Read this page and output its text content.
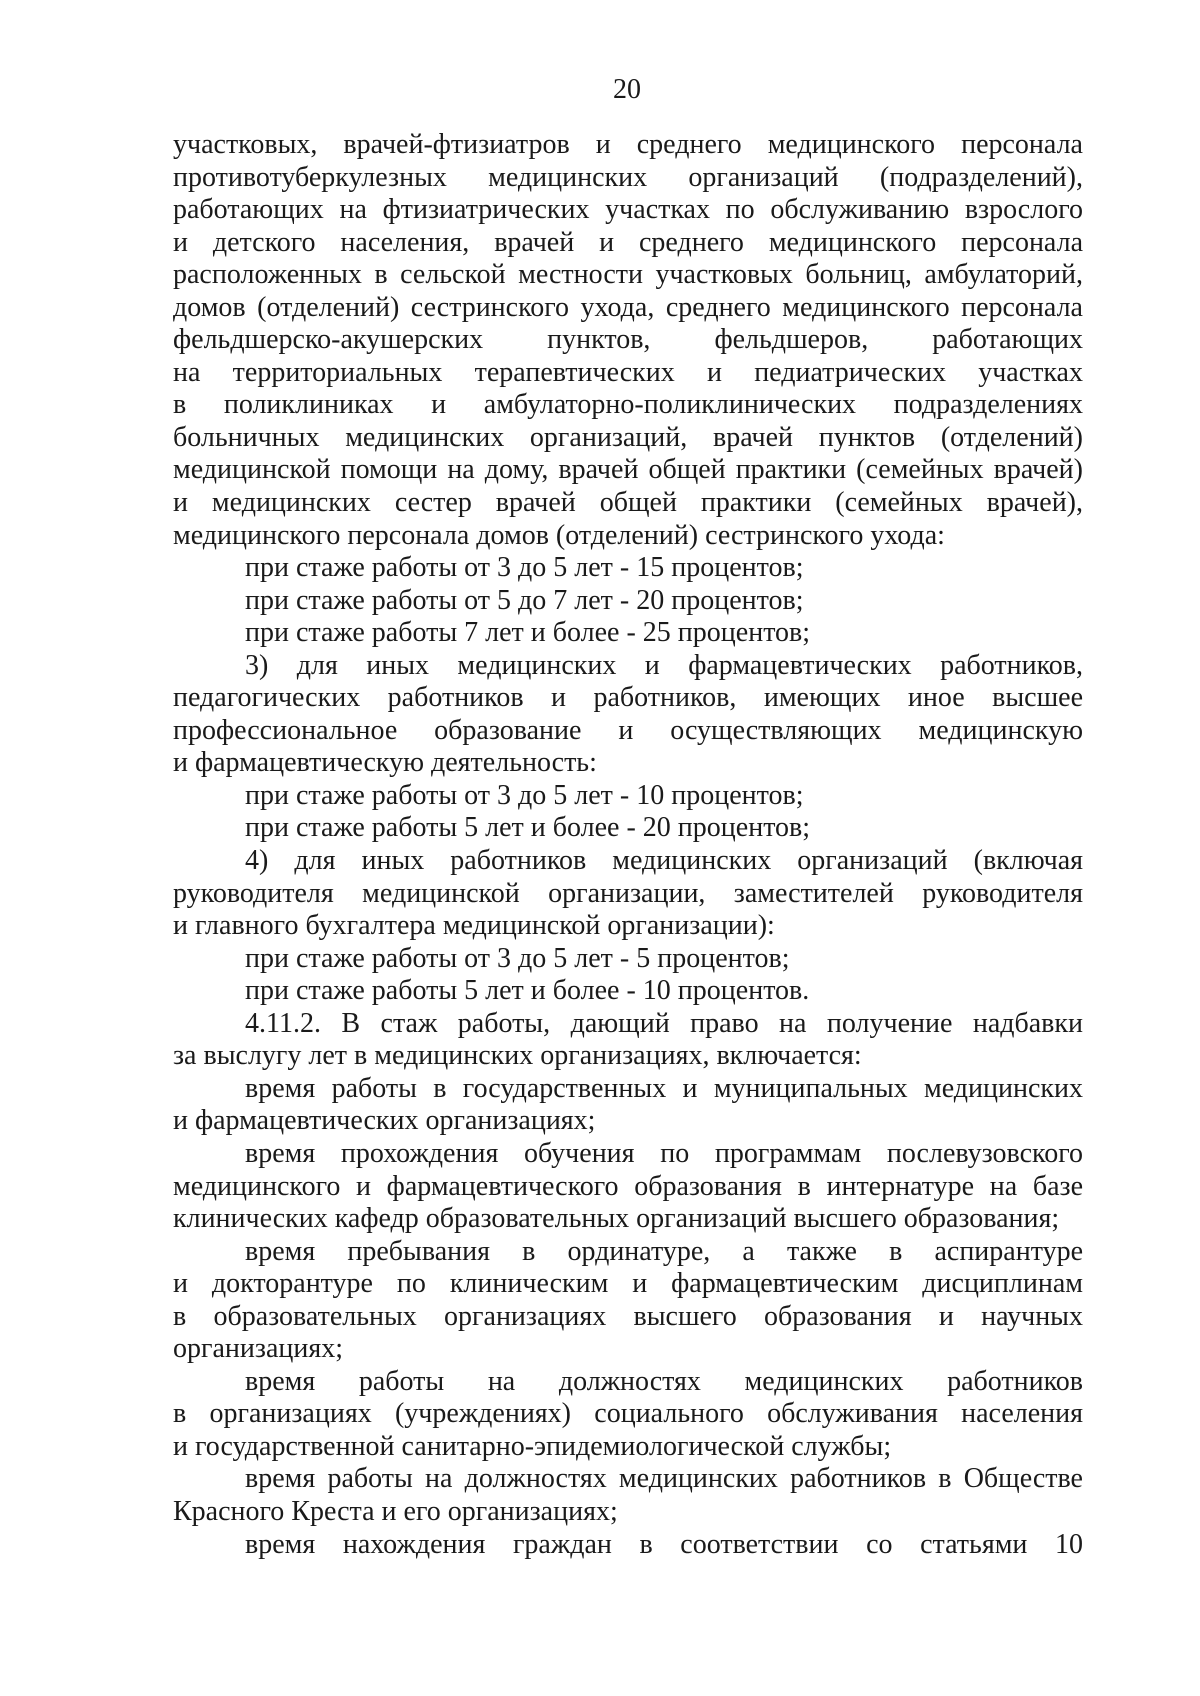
20
участковых, врачей-фтизиатров и среднего медицинского персонала
противотуберкулезных медицинских организаций (подразделений),
работающих на фтизиатрических участках по обслуживанию взрослого
и детского населения, врачей и среднего медицинского персонала
расположенных в сельской местности участковых больниц, амбулаторий,
домов (отделений) сестринского ухода, среднего медицинского персонала
фельдшерско-акушерских пунктов, фельдшеров, работающих
на территориальных терапевтических и педиатрических участках
в поликлиниках и амбулаторно-поликлинических подразделениях
больничных медицинских организаций, врачей пунктов (отделений)
медицинской помощи на дому, врачей общей практики (семейных врачей)
и медицинских сестер врачей общей практики (семейных врачей),
медицинского персонала домов (отделений) сестринского ухода:
при стаже работы от 3 до 5 лет - 15 процентов;
при стаже работы от 5 до 7 лет - 20 процентов;
при стаже работы 7 лет и более - 25 процентов;
3) для иных медицинских и фармацевтических работников,
педагогических работников и работников, имеющих иное высшее
профессиональное образование и осуществляющих медицинскую
и фармацевтическую деятельность:
при стаже работы от 3 до 5 лет - 10 процентов;
при стаже работы 5 лет и более - 20 процентов;
4) для иных работников медицинских организаций (включая
руководителя медицинской организации, заместителей руководителя
и главного бухгалтера медицинской организации):
при стаже работы от 3 до 5 лет - 5 процентов;
при стаже работы 5 лет и более - 10 процентов.
4.11.2. В стаж работы, дающий право на получение надбавки
за выслугу лет в медицинских организациях, включается:
время работы в государственных и муниципальных медицинских
и фармацевтических организациях;
время прохождения обучения по программам послевузовского
медицинского и фармацевтического образования в интернатуре на базе
клинических кафедр образовательных организаций высшего образования;
время пребывания в ординатуре, а также в аспирантуре
и докторантуре по клиническим и фармацевтическим дисциплинам
в образовательных организациях высшего образования и научных
организациях;
время работы на должностях медицинских работников
в организациях (учреждениях) социального обслуживания населения
и государственной санитарно-эпидемиологической службы;
время работы на должностях медицинских работников в Обществе
Красного Креста и его организациях;
время нахождения граждан в соответствии со статьями 10
